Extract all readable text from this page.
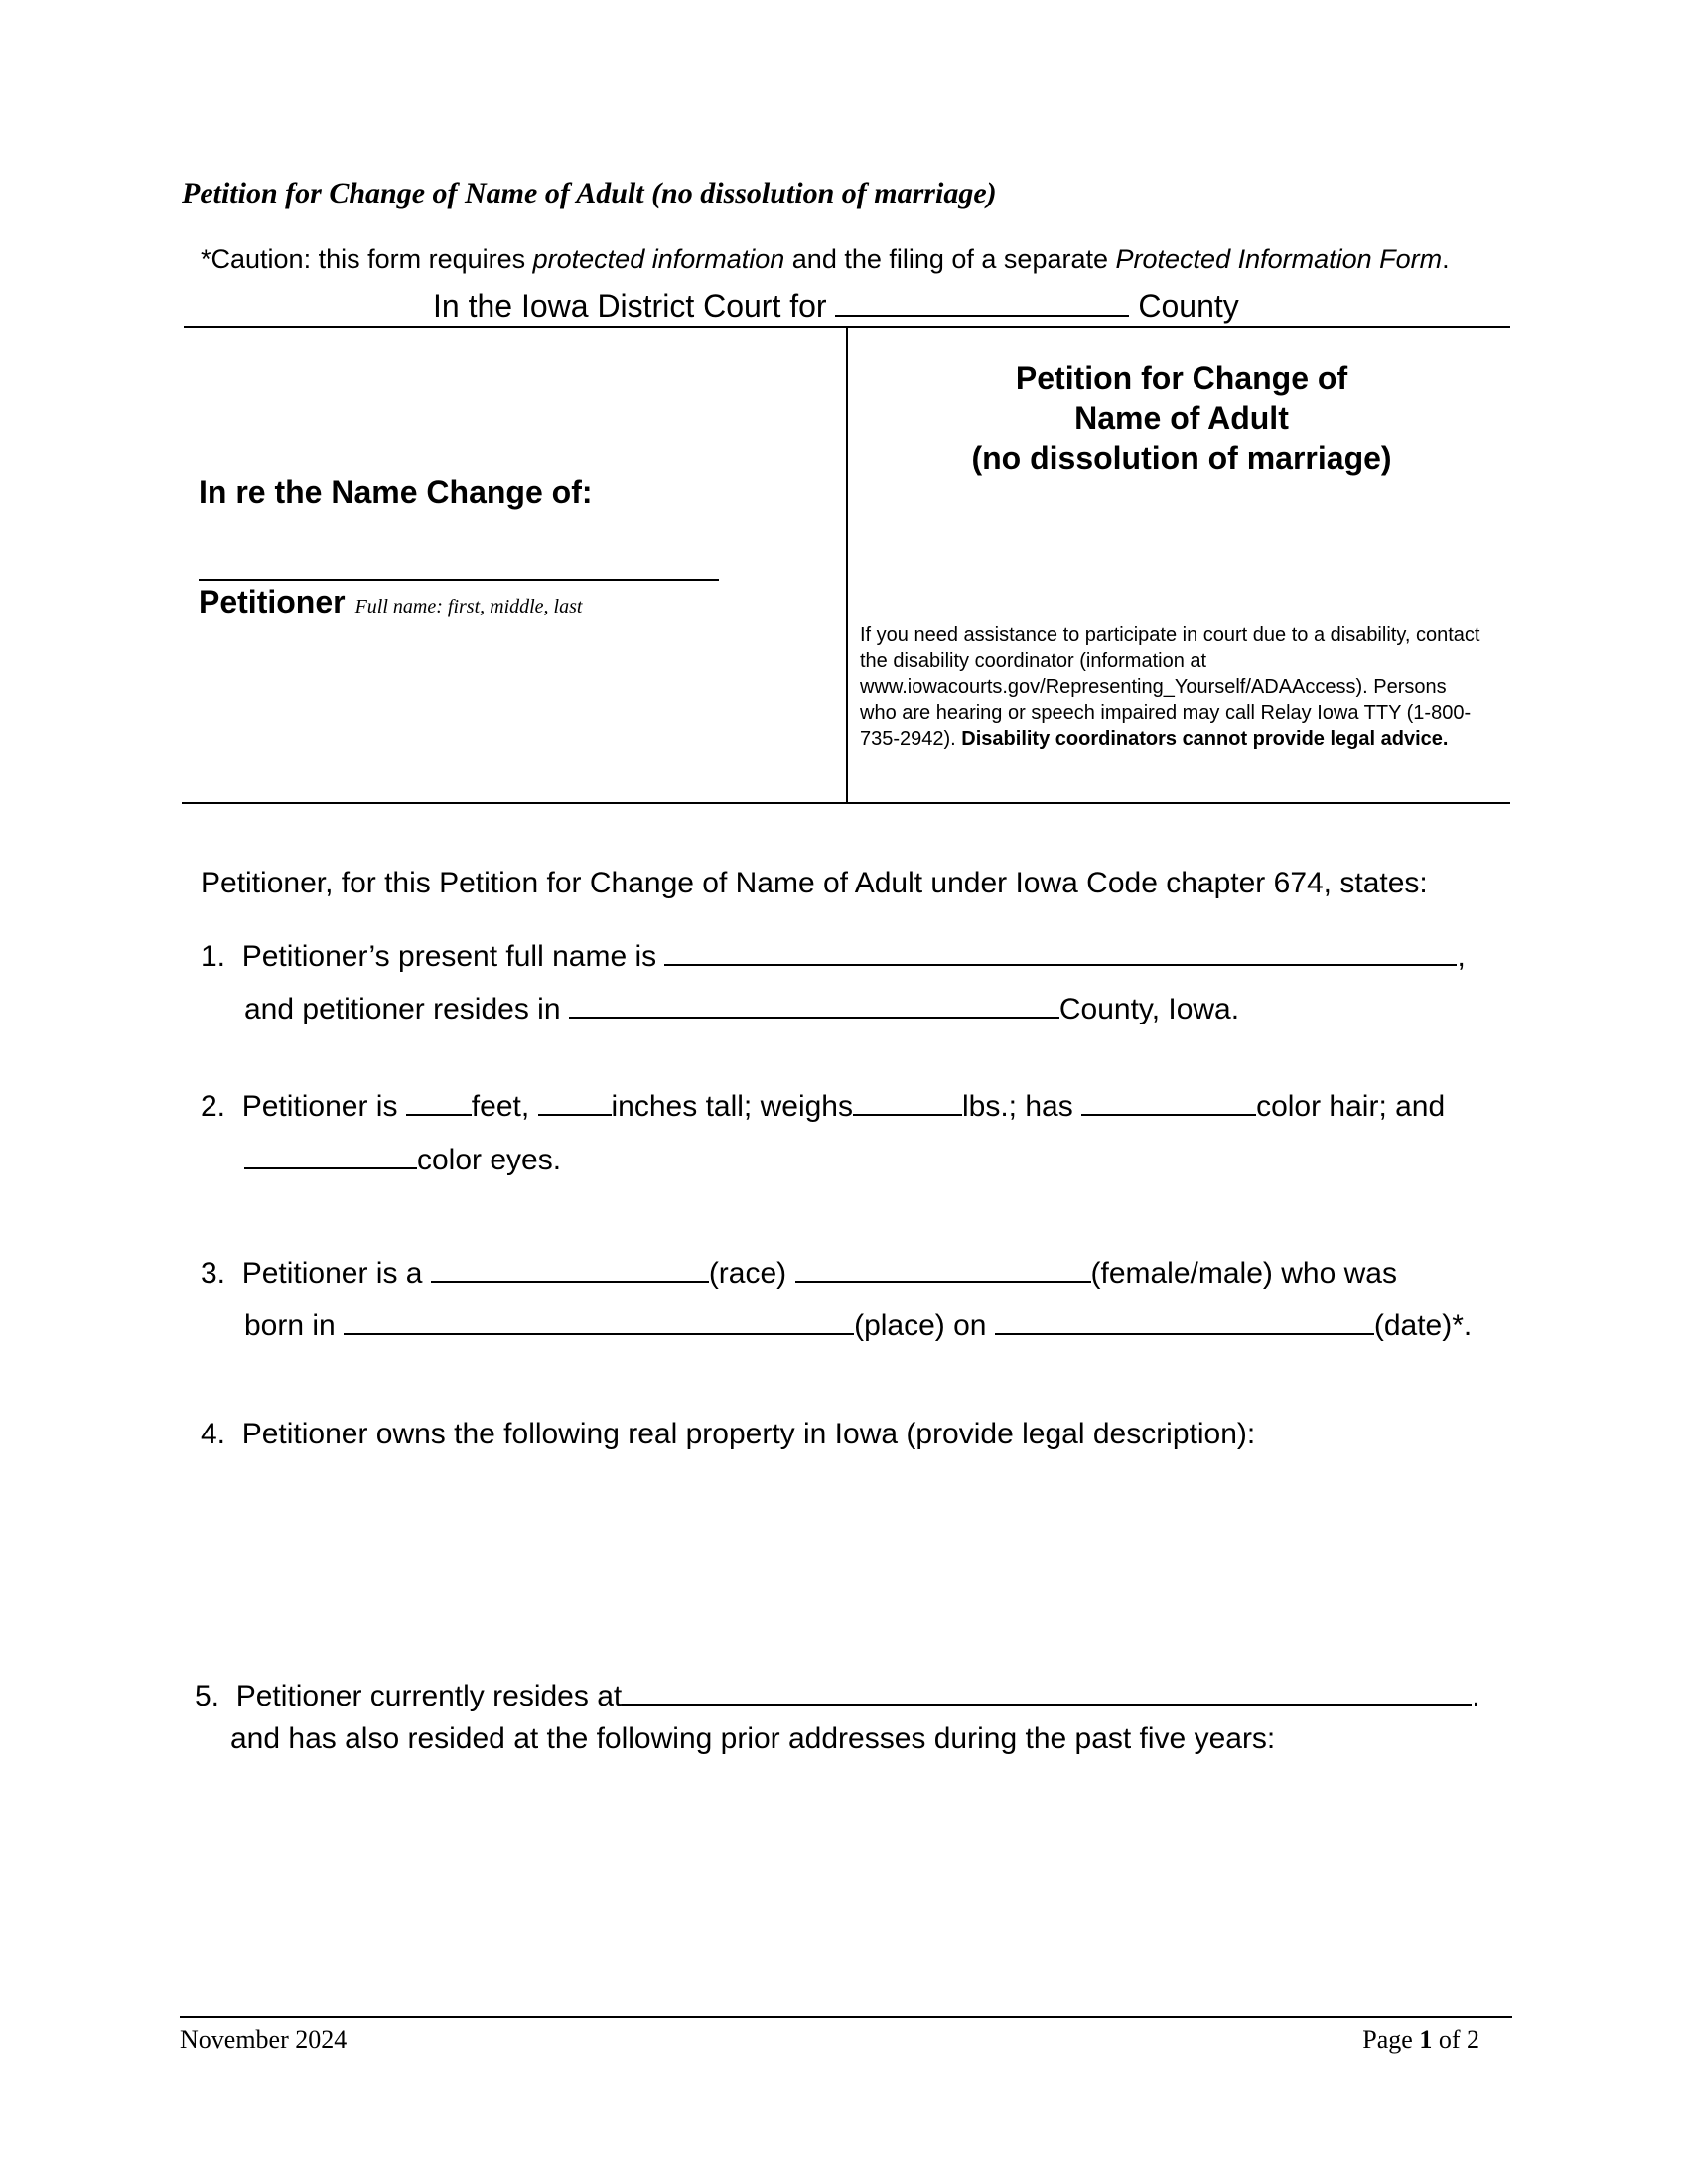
Petition for Change of Name of Adult (no dissolution of marriage)
*Caution: this form requires protected information and the filing of a separate Protected Information Form.
In the Iowa District Court for	County
In re the Name Change of:
Petitioner Full name: first, middle, last
Petition for Change of
Name of Adult
(no dissolution of marriage)
If you need assistance to participate in court due to a disability, contact the disability coordinator (information at www.iowacourts.gov/Representing_Yourself/ADAAccess). Persons who are hearing or speech impaired may call Relay Iowa TTY (1-800-735-2942). Disability coordinators cannot provide legal advice.
Petitioner, for this Petition for Change of Name of Adult under Iowa Code chapter 674, states:
1. Petitioner’s present full name is	,
and petitioner resides in	County, Iowa.
2. Petitioner is feet,	inches tall; weighs	lbs.; has	color hair; and
color eyes.
3. Petitioner is a	(race)	(female/male) who was
born in	(place) on	(date)*.
4. Petitioner owns the following real property in Iowa (provide legal description):
5. Petitioner currently resides at	.
and has also resided at the following prior addresses during the past five years:
November 2024	Page 1 of 2
